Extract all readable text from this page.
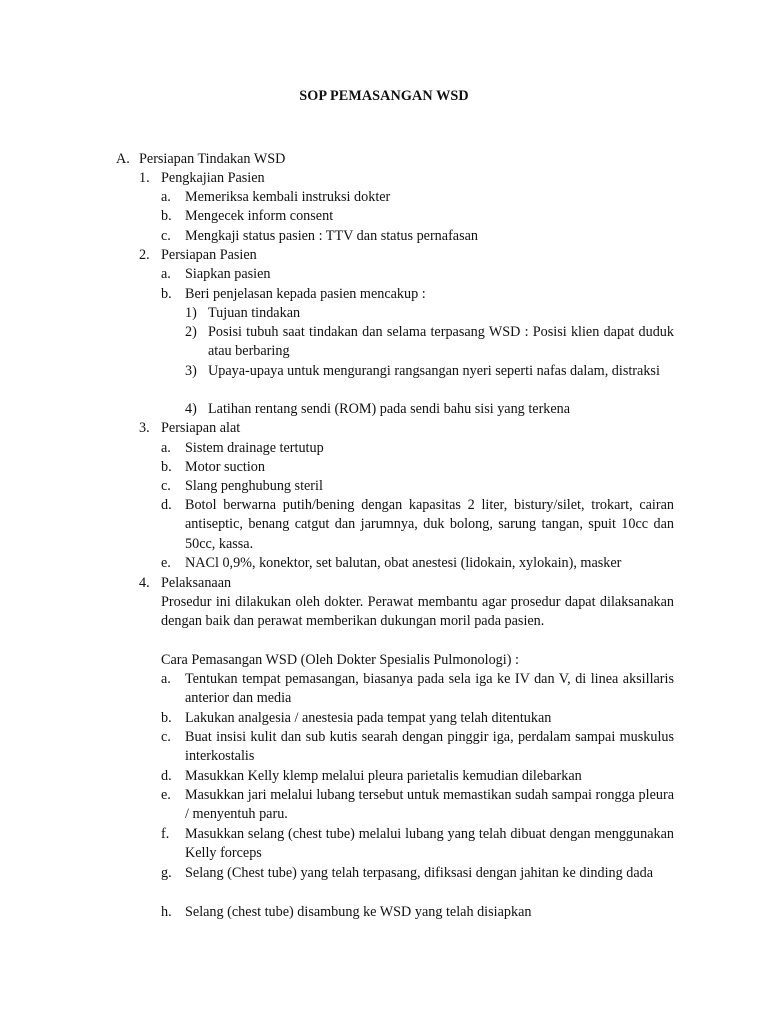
SOP PEMASANGAN WSD
A. Persiapan Tindakan WSD
1. Pengkajian Pasien
a. Memeriksa kembali instruksi dokter
b. Mengecek inform consent
c. Mengkaji status pasien : TTV dan status pernafasan
2. Persiapan Pasien
a. Siapkan pasien
b. Beri penjelasan kepada pasien mencakup :
1) Tujuan tindakan
2) Posisi tubuh saat tindakan dan selama terpasang WSD : Posisi klien dapat duduk atau berbaring
3) Upaya-upaya untuk mengurangi rangsangan nyeri seperti nafas dalam, distraksi
4) Latihan rentang sendi (ROM) pada sendi bahu sisi yang terkena
3. Persiapan alat
a. Sistem drainage tertutup
b. Motor suction
c. Slang penghubung steril
d. Botol berwarna putih/bening dengan kapasitas 2 liter, bistury/silet, trokart, cairan antiseptic, benang catgut dan jarumnya, duk bolong, sarung tangan, spuit 10cc dan 50cc, kassa.
e. NACl 0,9%, konektor, set balutan, obat anestesi (lidokain, xylokain), masker
4. Pelaksanaan
Prosedur ini dilakukan oleh dokter. Perawat membantu agar prosedur dapat dilaksanakan dengan baik dan perawat memberikan dukungan moril pada pasien.
Cara Pemasangan WSD (Oleh Dokter Spesialis Pulmonologi) :
a. Tentukan tempat pemasangan, biasanya pada sela iga ke IV dan V, di linea aksillaris anterior dan media
b. Lakukan analgesia / anestesia pada tempat yang telah ditentukan
c. Buat insisi kulit dan sub kutis searah dengan pinggir iga, perdalam sampai muskulus interkostalis
d. Masukkan Kelly klemp melalui pleura parietalis kemudian dilebarkan
e. Masukkan jari melalui lubang tersebut untuk memastikan sudah sampai rongga pleura / menyentuh paru.
f. Masukkan selang (chest tube) melalui lubang yang telah dibuat dengan menggunakan Kelly forceps
g. Selang (Chest tube) yang telah terpasang, difiksasi dengan jahitan ke dinding dada
h. Selang (chest tube) disambung ke WSD yang telah disiapkan
